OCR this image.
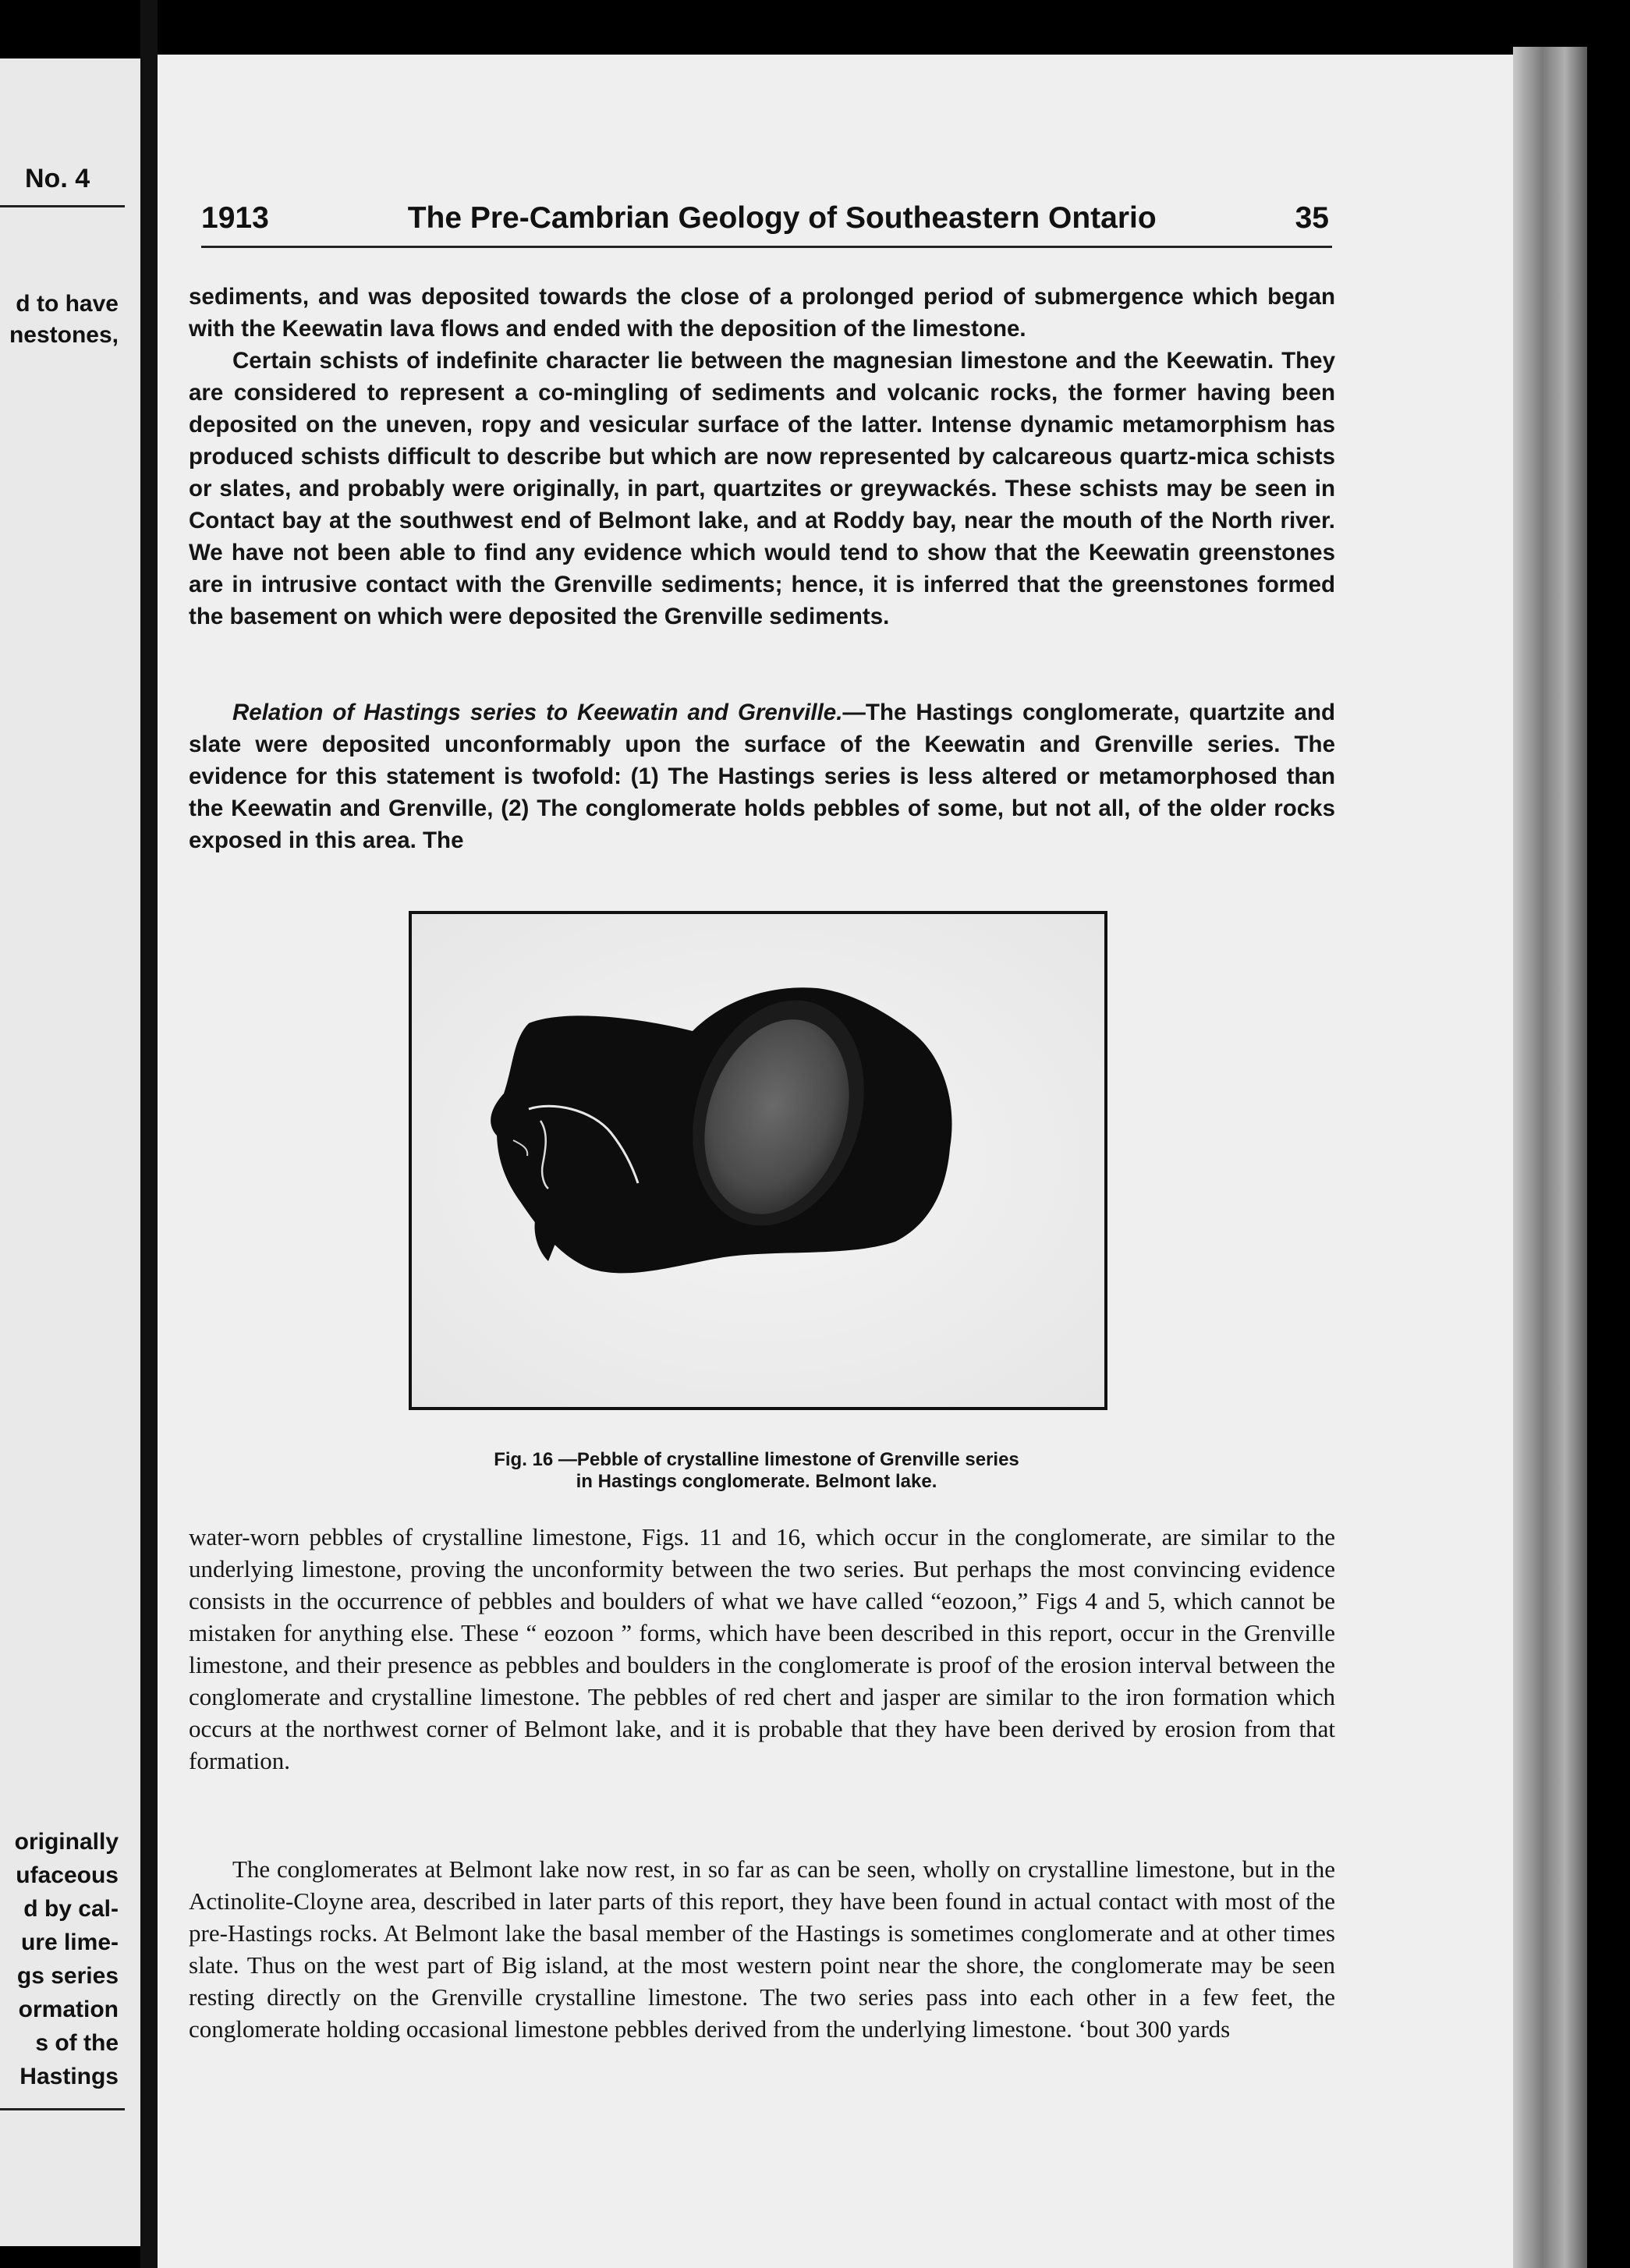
No. 4
d to have
nestones,
originally
ufaceous
d by cal-
ure lime-
gs series
ormation
s of the
Hastings
1913	The Pre-Cambrian Geology of Southeastern Ontario	35

sediments, and was deposited towards the close of a prolonged period of submergence which began with the Keewatin lava flows and ended with the deposition of the limestone.

Certain schists of indefinite character lie between the magnesian limestone and the Keewatin. They are considered to represent a co-mingling of sediments and volcanic rocks, the former having been deposited on the uneven, ropy and vesicular surface of the latter. Intense dynamic metamorphism has produced schists difficult to describe but which are now represented by calcareous quartz-mica schists or slates, and probably were originally, in part, quartzites or greywackés. These schists may be seen in Contact bay at the southwest end of Belmont lake, and at Roddy bay, near the mouth of the North river. We have not been able to find any evidence which would tend to show that the Keewatin greenstones are in intrusive contact with the Grenville sediments; hence, it is inferred that the greenstones formed the basement on which were deposited the Grenville sediments.

Relation of Hastings series to Keewatin and Grenville.—The Hastings conglomerate, quartzite and slate were deposited unconformably upon the surface of the Keewatin and Grenville series. The evidence for this statement is twofold: (1) The Hastings series is less altered or metamorphosed than the Keewatin and Grenville, (2) The conglomerate holds pebbles of some, but not all, of the older rocks exposed in this area. The

Fig. 16 —Pebble of crystalline limestone of Grenville series
in Hastings conglomerate. Belmont lake.

water-worn pebbles of crystalline limestone, Figs. 11 and 16, which occur in the conglomerate, are similar to the underlying limestone, proving the unconformity between the two series. But perhaps the most convincing evidence consists in the occurrence of pebbles and boulders of what we have called “eozoon,” Figs 4 and 5, which cannot be mistaken for anything else. These “ eozoon ” forms, which have been described in this report, occur in the Grenville limestone, and their presence as pebbles and boulders in the conglomerate is proof of the erosion interval between the conglomerate and crystalline limestone. The pebbles of red chert and jasper are similar to the iron formation which occurs at the northwest corner of Belmont lake, and it is probable that they have been derived by erosion from that formation.

The conglomerates at Belmont lake now rest, in so far as can be seen, wholly on crystalline limestone, but in the Actinolite-Cloyne area, described in later parts of this report, they have been found in actual contact with most of the pre-Hastings rocks. At Belmont lake the basal member of the Hastings is sometimes conglomerate and at other times slate. Thus on the west part of Big island, at the most western point near the shore, the conglomerate may be seen resting directly on the Grenville crystalline limestone. The two series pass into each other in a few feet, the conglomerate holding occasional limestone pebbles derived from the underlying limestone. ‘bout 300 yards
